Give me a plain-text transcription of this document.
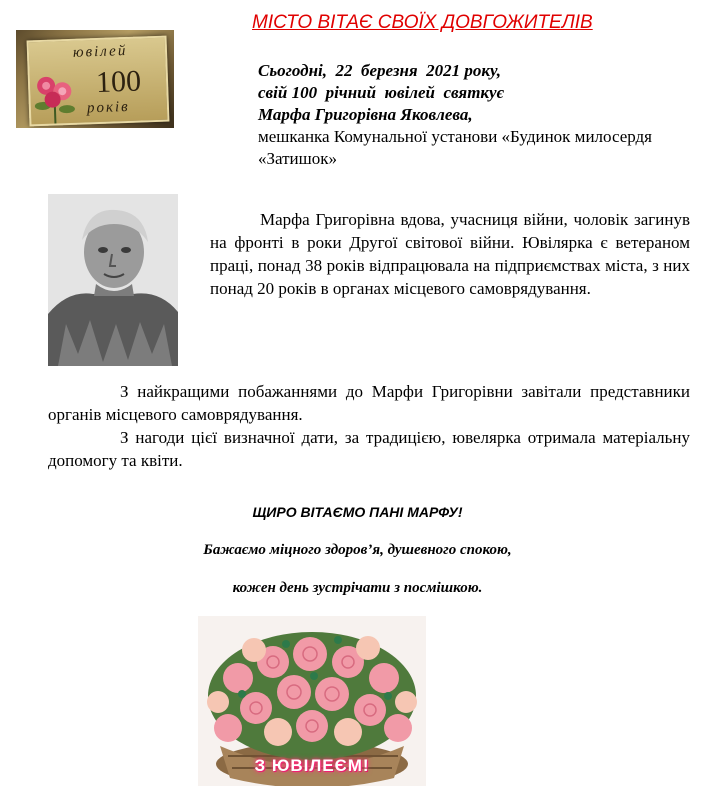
МІСТО ВІТАЄ СВОЇХ ДОВГОЖИТЕЛІВ
ювілей
100
років
Сьогодні,  22  березня  2021 року,
свій 100  річний  ювілей  святкує
Марфа Григорівна Яковлева,
мешканка Комунальної установи «Будинок милосердя «Затишок»
Марфа Григорівна вдова, учасниця війни, чоловік загинув на фронті в роки Другої світової війни. Ювілярка є ветераном праці, понад 38 років відпрацювала на підприємствах міста, з них понад 20 років в органах місцевого самоврядування.

З найкращими побажаннями до Марфи Григорівни завітали представники органів місцевого самоврядування.

З нагоди цієї визначної дати, за традицією, ювелярка отримала матеріальну допомогу та квіти.

ЩИРО ВІТАЄМО ПАНІ МАРФУ!
Бажаємо міцного здоров’я, душевного спокою,
кожен день зустрічати з посмішкою.
З ЮВІЛЕЄМ!
